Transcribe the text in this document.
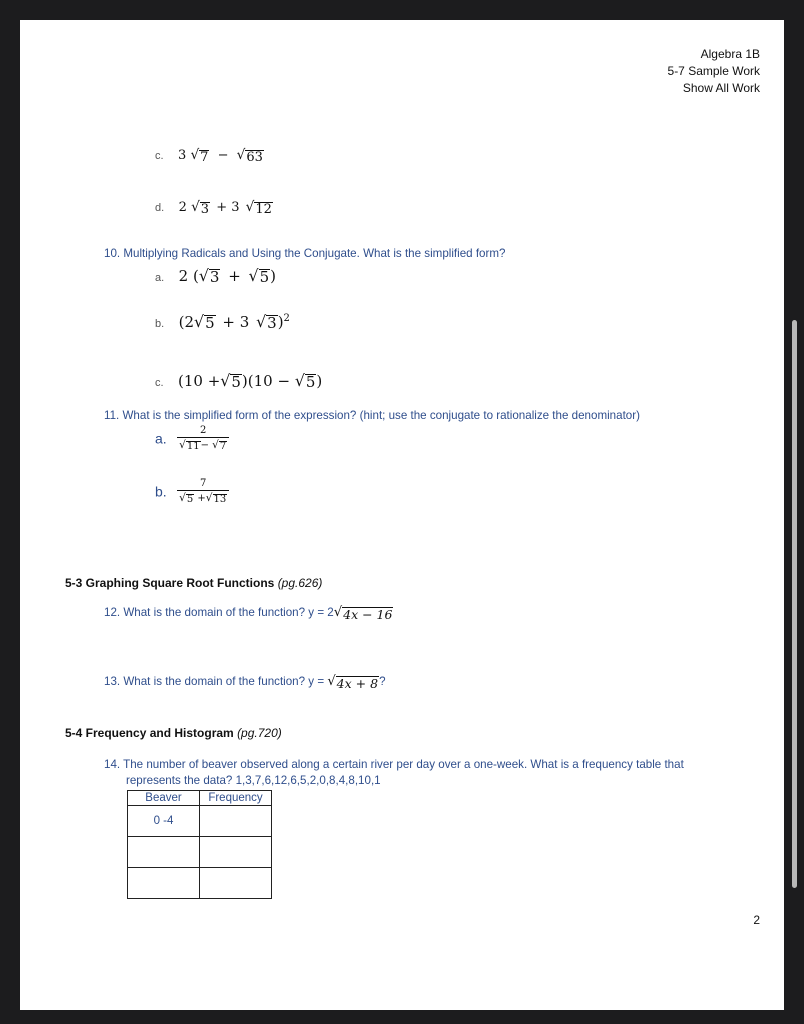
Algebra 1B
5-7 Sample Work
Show All Work
c. 3 √ 7 − √ 63
d. 2 √ 3 + 3 √ 12
10. Multiplying Radicals and Using the Conjugate. What is the simplified form?
a. 2 ( √ 3 + √ 5 )
b. (2 √ 5 + 3 √ 3 )$^2$
c. (10 + √ 5 )(10 − √ 5 )
11. What is the simplified form of the expression? (hint; use the conjugate to rationalize the denominator)
a. $\frac{2}{√ 11 - √ 7}$
b. $\frac{7}{√ 5 + √ 13}$
5-3 Graphing Square Root Functions (pg.626)
12. What is the domain of the function? y = 2 √ 4x − 16
13. What is the domain of the function? y = √ 4x + 8 ?
5-4 Frequency and Histogram (pg.720)
14. The number of beaver observed along a certain river per day over a one-week. What is a frequency table that
represents the data? 1,3,7,6,12,6,5,2,0,8,4,8,10,1
Beaver	Frequency
0 -4	

2
